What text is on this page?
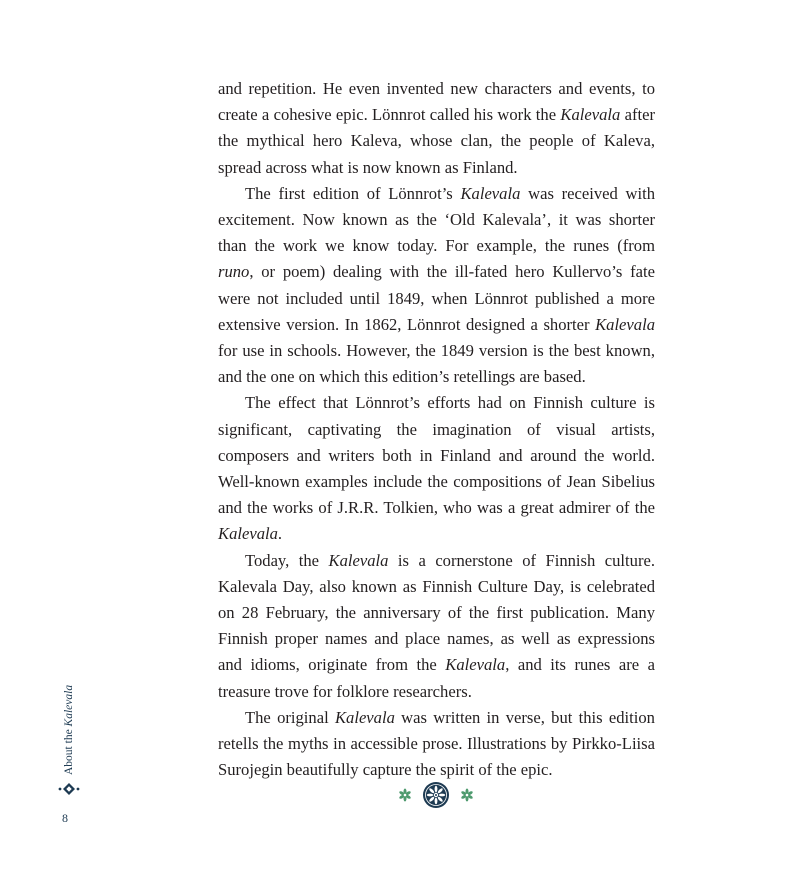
and repetition. He even invented new characters and events, to create a cohesive epic. Lönnrot called his work the Kalevala after the mythical hero Kaleva, whose clan, the people of Kaleva, spread across what is now known as Finland.

The first edition of Lönnrot’s Kalevala was received with excitement. Now known as the ‘Old Kalevala’, it was shorter than the work we know today. For example, the runes (from runo, or poem) dealing with the ill-fated hero Kullervo’s fate were not included until 1849, when Lönnrot published a more extensive version. In 1862, Lönnrot designed a shorter Kalevala for use in schools. However, the 1849 version is the best known, and the one on which this edition’s retellings are based.

The effect that Lönnrot’s efforts had on Finnish culture is significant, captivating the imagination of visual artists, composers and writers both in Finland and around the world. Well-known examples include the compositions of Jean Sibelius and the works of J.R.R. Tolkien, who was a great admirer of the Kalevala.

Today, the Kalevala is a cornerstone of Finnish culture. Kalevala Day, also known as Finnish Culture Day, is celebrated on 28 February, the anniversary of the first publication. Many Finnish proper names and place names, as well as expressions and idioms, originate from the Kalevala, and its runes are a treasure trove for folklore researchers.

The original Kalevala was written in verse, but this edition retells the myths in accessible prose. Illustrations by Pirkko-Liisa Surojegin beautifully capture the spirit of the epic.

About the Kalevala
8
